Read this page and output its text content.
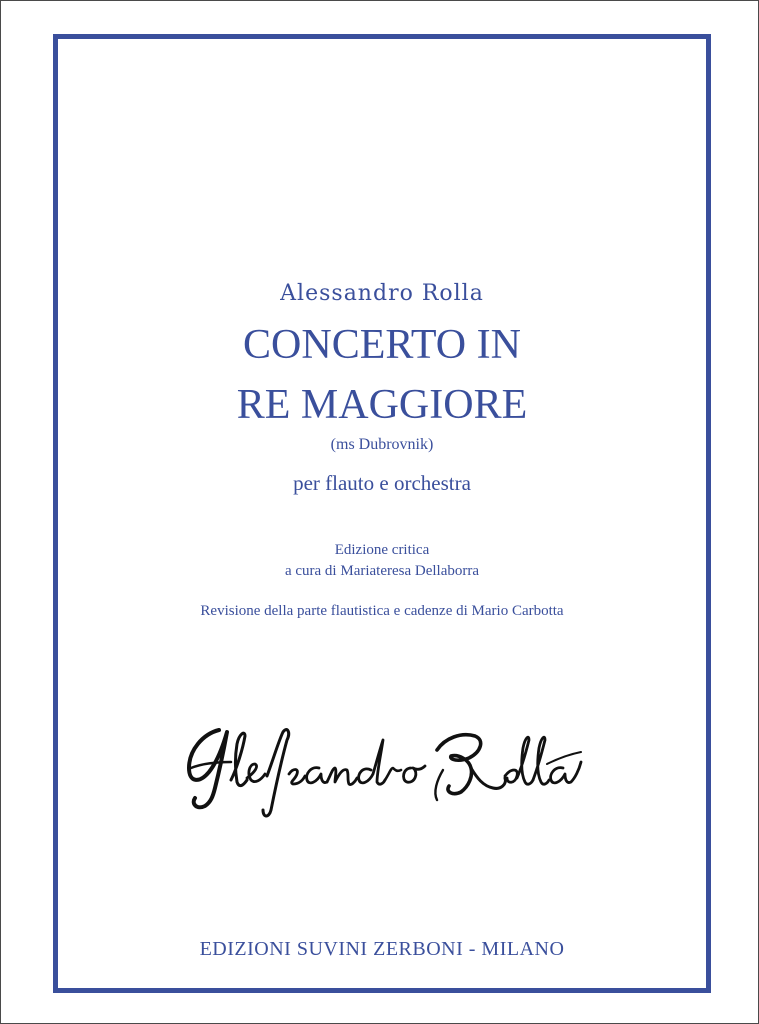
Alessandro Rolla
CONCERTO IN
RE MAGGIORE
(ms Dubrovnik)
per flauto e orchestra
Edizione critica
a cura di Mariateresa Dellaborra
Revisione della parte flautistica e cadenze di Mario Carbotta
EDIZIONI SUVINI ZERBONI - MILANO
